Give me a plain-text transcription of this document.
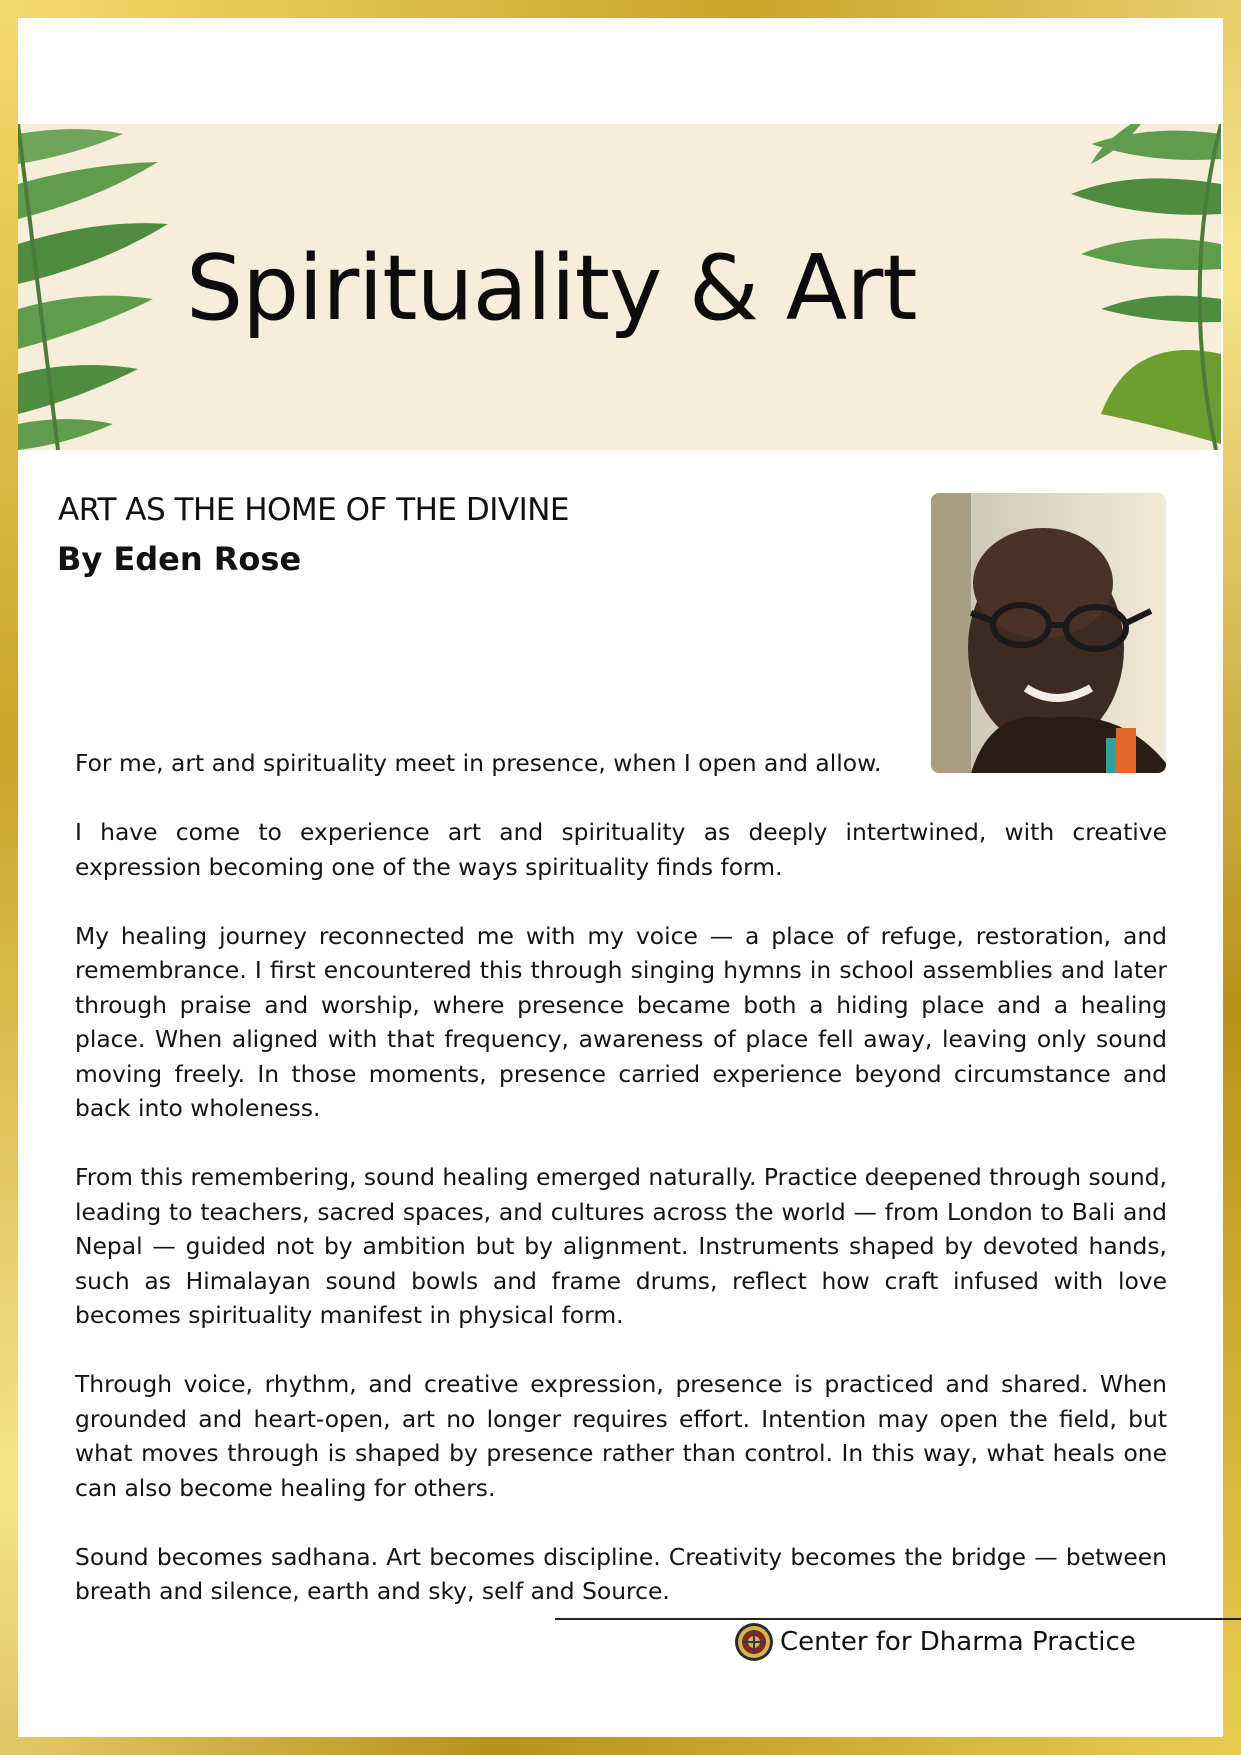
Spirituality & Art
ART AS THE HOME OF THE DIVINE
By Eden Rose

For me, art and spirituality meet in presence, when I open and allow.

I have come to experience art and spirituality as deeply intertwined, with creative expression becoming one of the ways spirituality finds form.

My healing journey reconnected me with my voice — a place of refuge, restoration, and remembrance. I first encountered this through singing hymns in school assemblies and later through praise and worship, where presence became both a hiding place and a healing place. When aligned with that frequency, awareness of place fell away, leaving only sound moving freely. In those moments, presence carried experience beyond circumstance and back into wholeness.

From this remembering, sound healing emerged naturally. Practice deepened through sound, leading to teachers, sacred spaces, and cultures across the world — from London to Bali and Nepal — guided not by ambition but by alignment. Instruments shaped by devoted hands, such as Himalayan sound bowls and frame drums, reflect how craft infused with love becomes spirituality manifest in physical form.

Through voice, rhythm, and creative expression, presence is practiced and shared. When grounded and heart-open, art no longer requires effort. Intention may open the field, but what moves through is shaped by presence rather than control. In this way, what heals one can also become healing for others.

Sound becomes sadhana. Art becomes discipline. Creativity becomes the bridge — between breath and silence, earth and sky, self and Source.

Center for Dharma Practice
